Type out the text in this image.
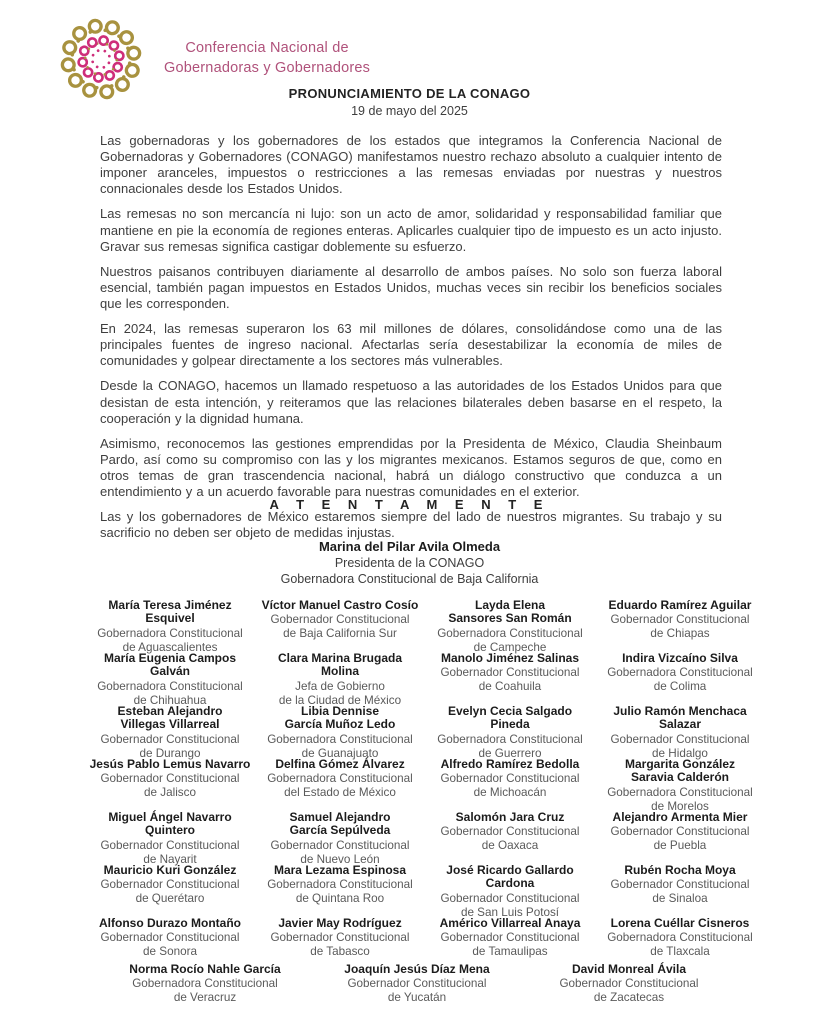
Conferencia Nacional de
Gobernadoras y Gobernadores
PRONUNCIAMIENTO DE LA CONAGO
19 de mayo del 2025

Las gobernadoras y los gobernadores de los estados que integramos la Conferencia Nacional de Gobernadoras y Gobernadores (CONAGO) manifestamos nuestro rechazo absoluto a cualquier intento de imponer aranceles, impuestos o restricciones a las remesas enviadas por nuestras y nuestros connacionales desde los Estados Unidos.

Las remesas no son mercancía ni lujo: son un acto de amor, solidaridad y responsabilidad familiar que mantiene en pie la economía de regiones enteras. Aplicarles cualquier tipo de impuesto es un acto injusto. Gravar sus remesas significa castigar doblemente su esfuerzo.

Nuestros paisanos contribuyen diariamente al desarrollo de ambos países. No solo son fuerza laboral esencial, también pagan impuestos en Estados Unidos, muchas veces sin recibir los beneficios sociales que les corresponden.

En 2024, las remesas superaron los 63 mil millones de dólares, consolidándose como una de las principales fuentes de ingreso nacional. Afectarlas sería desestabilizar la economía de miles de comunidades y golpear directamente a los sectores más vulnerables.

Desde la CONAGO, hacemos un llamado respetuoso a las autoridades de los Estados Unidos para que desistan de esta intención, y reiteramos que las relaciones bilaterales deben basarse en el respeto, la cooperación y la dignidad humana.

Asimismo, reconocemos las gestiones emprendidas por la Presidenta de México, Claudia Sheinbaum Pardo, así como su compromiso con las y los migrantes mexicanos. Estamos seguros de que, como en otros temas de gran trascendencia nacional, habrá un diálogo constructivo que conduzca a un entendimiento y a un acuerdo favorable para nuestras comunidades en el exterior.

Las y los gobernadores de México estaremos siempre del lado de nuestros migrantes. Su trabajo y su sacrificio no deben ser objeto de medidas injustas.

A T E N T A M E N T E
Marina del Pilar Avila Olmeda
Presidenta de la CONAGO
Gobernadora Constitucional de Baja California
María Teresa Jiménez Esquivel
Gobernadora Constitucional
de Aguascalientes
Víctor Manuel Castro Cosío
Gobernador Constitucional
de Baja California Sur
Layda Elena
Sansores San Román
Gobernadora Constitucional
de Campeche
Eduardo Ramírez Aguilar
Gobernador Constitucional
de Chiapas
María Eugenia Campos Galván
Gobernadora Constitucional
de Chihuahua
Clara Marina Brugada Molina
Jefa de Gobierno
de la Ciudad de México
Manolo Jiménez Salinas
Gobernador Constitucional
de Coahuila
Indira Vizcaíno Silva
Gobernadora Constitucional
de Colima
Esteban Alejandro
Villegas Villarreal
Gobernador Constitucional
de Durango
Libia Dennise
García Muñoz Ledo
Gobernadora Constitucional
de Guanajuato
Evelyn Cecia Salgado Pineda
Gobernadora Constitucional
de Guerrero
Julio Ramón Menchaca Salazar
Gobernador Constitucional
de Hidalgo
Jesús Pablo Lemus Navarro
Gobernador Constitucional
de Jalisco
Delfina Gómez Álvarez
Gobernadora Constitucional
del Estado de México
Alfredo Ramírez Bedolla
Gobernador Constitucional
de Michoacán
Margarita González
Saravia Calderón
Gobernadora Constitucional
de Morelos
Miguel Ángel Navarro Quintero
Gobernador Constitucional
de Nayarit
Samuel Alejandro
García Sepúlveda
Gobernador Constitucional
de Nuevo León
Salomón Jara Cruz
Gobernador Constitucional
de Oaxaca
Alejandro Armenta Mier
Gobernador Constitucional
de Puebla
Mauricio Kuri González
Gobernador Constitucional
de Querétaro
Mara Lezama Espinosa
Gobernadora Constitucional
de Quintana Roo
José Ricardo Gallardo Cardona
Gobernador Constitucional
de San Luis Potosí
Rubén Rocha Moya
Gobernador Constitucional
de Sinaloa
Alfonso Durazo Montaño
Gobernador Constitucional
de Sonora
Javier May Rodríguez
Gobernador Constitucional
de Tabasco
Américo Villarreal Anaya
Gobernador Constitucional
de Tamaulipas
Lorena Cuéllar Cisneros
Gobernadora Constitucional
de Tlaxcala
Norma Rocío Nahle García
Gobernadora Constitucional
de Veracruz
Joaquín Jesús Díaz Mena
Gobernador Constitucional
de Yucatán
David Monreal Ávila
Gobernador Constitucional
de Zacatecas
